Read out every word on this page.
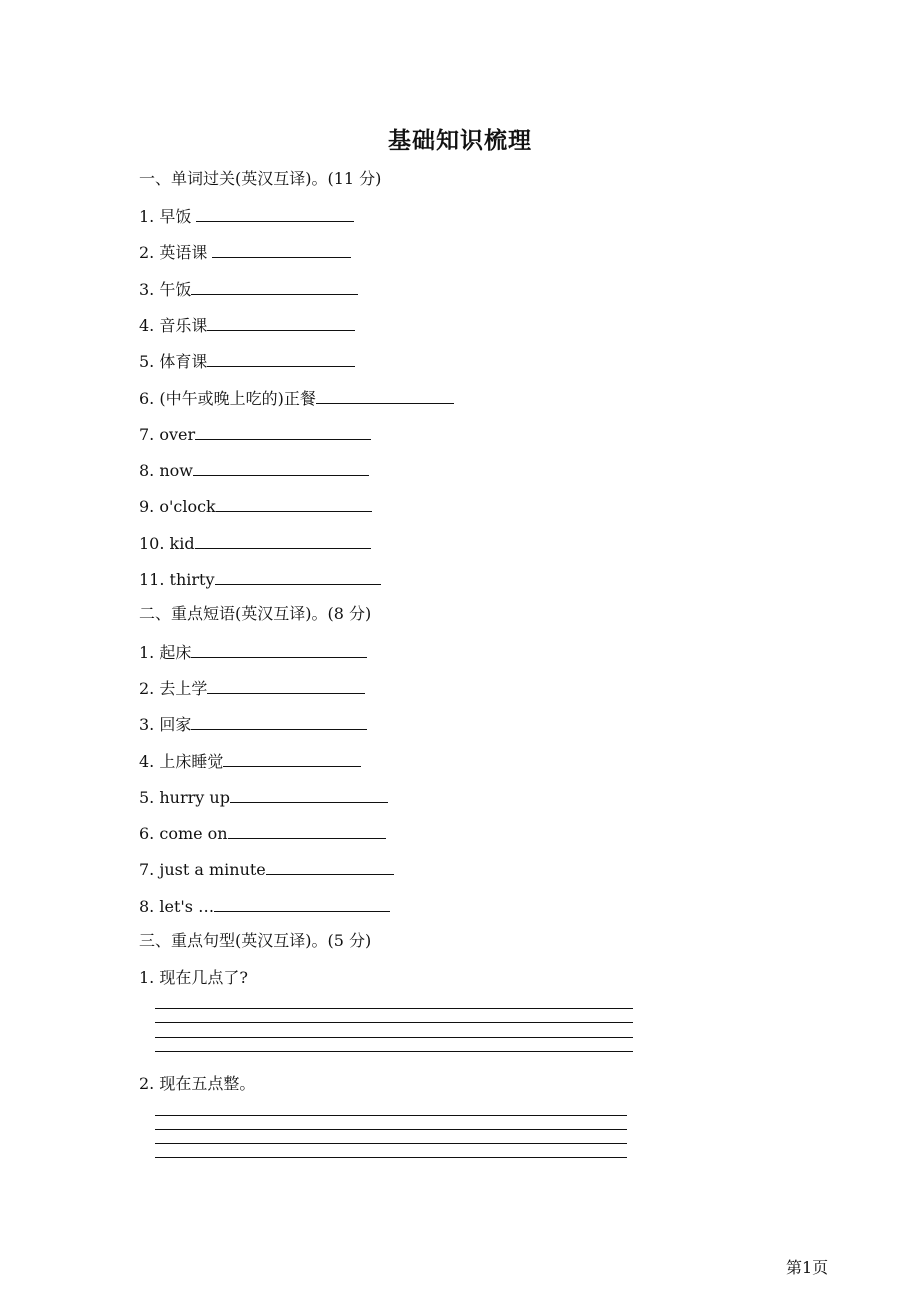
基础知识梳理
一、单词过关(英汉互译)。(11 分)
1. 早饭
2. 英语课
3. 午饭
4. 音乐课
5. 体育课
6. (中午或晚上吃的)正餐
7. over
8. now
9. o'clock
10. kid
11. thirty
二、重点短语(英汉互译)。(8 分)
1. 起床
2. 去上学
3. 回家
4. 上床睡觉
5. hurry up
6. come on
7. just a minute
8. let's …
三、重点句型(英汉互译)。(5 分)
1. 现在几点了?
2. 现在五点整。
第1页
